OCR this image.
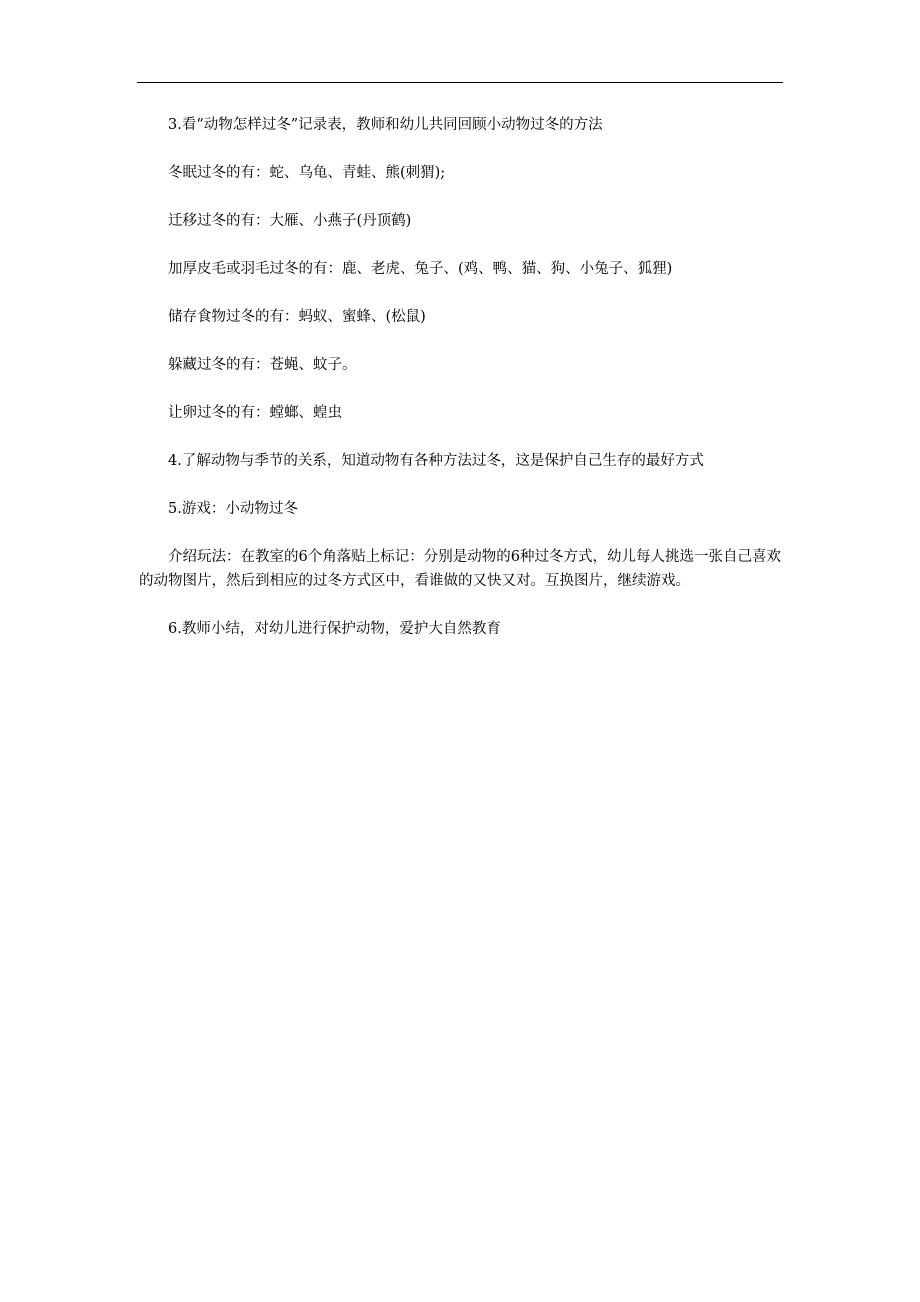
3.看“动物怎样过冬”记录表，教师和幼儿共同回顾小动物过冬的方法

冬眠过冬的有：蛇、乌龟、青蛙、熊(刺猬);

迁移过冬的有：大雁、小燕子(丹顶鹤)

加厚皮毛或羽毛过冬的有：鹿、老虎、兔子、(鸡、鸭、猫、狗、小兔子、狐狸)

储存食物过冬的有：蚂蚁、蜜蜂、(松鼠)

躲藏过冬的有：苍蝇、蚊子。

让卵过冬的有：螳螂、蝗虫

4.了解动物与季节的关系，知道动物有各种方法过冬，这是保护自己生存的最好方式

5.游戏：小动物过冬

介绍玩法：在教室的6个角落贴上标记：分别是动物的6种过冬方式，幼儿每人挑选一张自己喜欢的动物图片，然后到相应的过冬方式区中，看谁做的又快又对。互换图片，继续游戏。

6.教师小结，对幼儿进行保护动物，爱护大自然教育
